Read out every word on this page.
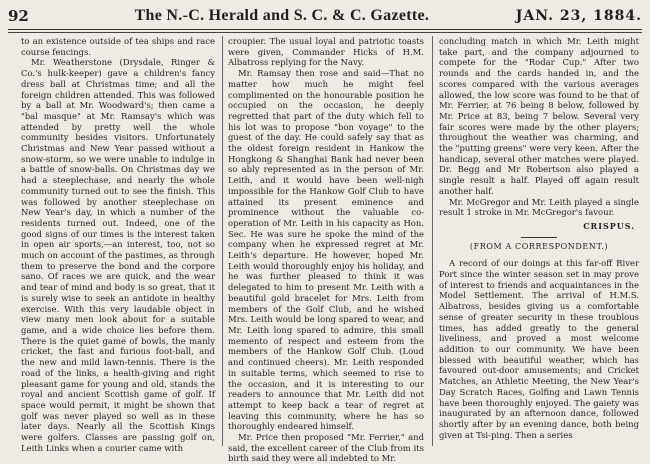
92	The N.-C. Herald and S. C. & C. Gazette.	JAN. 23, 1884.

to an existence outside of tea ships and race course fencings.

Mr. Weatherstone (Drysdale, Ringer & Co.'s hulk-keeper) gave a children's fancy dress ball at Christmas time; and all the foreign children attended. This was followed by a ball at Mr. Woodward's; then came a "bal masque" at Mr. Ramsay's which was attended by pretty well the whole community besides visitors. Unfortunately Christmas and New Year passed without a snow-storm, so we were unable to indulge in a battle of snow-balls. On Christmas day we had a steeplechase, and nearly the whole community turned out to see the finish. This was followed by another steeplechase on New Year's day, in which a number of the residents turned out. Indeed, one of the good signs of our times is the interest taken in open air sports,—an interest, too, not so much on account of the pastimes, as through them to preserve the bond and the corpore sano. Of races we are quick, and the wear and tear of mind and body is so great, that it is surely wise to seek an antidote in healthy exercise. With this very laudable object in view many men look about for a suitable game, and a wide choice lies before them. There is the quiet game of bowls, the manly cricket, the fast and furious foot-ball, and the new and mild lawn-tennis. There is the road of the links, a health-giving and right pleasant game for young and old, stands the royal and ancient Scottish game of golf. If space would permit, it might be shown that golf was never played so well as in these later days. Nearly all the Scottish Kings were golfers. Classes are passing golf on, Leith Links when a courier came with

croupier. The usual loyal and patriotic toasts were given, Commander Hicks of H.M. Albatross replying for the Navy.

Mr. Ramsay then rose and said—That no matter how much he might feel complimented on the honourable position he occupied on the occasion, he deeply regretted that part of the duty which fell to his lot was to propose "bon voyage" to the guest of the day. He could safely say that as the oldest foreign resident in Hankow the Hongkong & Shanghai Bank had never been so ably represented as in the person of Mr. Leith, and it would have been well-nigh impossible for the Hankow Golf Club to have attained its present eminence and prominence without the valuable co-operation of Mr. Leith in his capacity as Hon. Sec. He was sure he spoke the mind of the company when he expressed regret at Mr. Leith's departure. He however, hoped Mr. Leith would thoroughly enjoy his holiday, and he was further pleased to think it was delegated to him to present Mr. Leith with a beautiful gold bracelet for Mrs. Leith from members of the Golf Club, and he wished Mrs. Leith would be long spared to wear, and Mr. Leith long spared to admire, this small memento of respect and esteem from the members of the Hankow Golf Club. (Loud and continued cheers). Mr. Leith responded in suitable terms, which seemed to rise to the occasion, and it is interesting to our readers to announce that Mr. Leith did not attempt to keep back a tear of regret at leaving this community, where he has so thoroughly endeared himself.

Mr. Price then proposed "Mr. Ferrier," and said, the excellent career of the Club from its birth said they were all indebted to Mr.

concluding match in which Mr. Leith might take part, and the company adjourned to compete for the "Rodar Cup." After two rounds and the cards handed in, and the scores compared with the various averages allowed, the low score was found to be that of Mr. Ferrier, at 76 being 8 below, followed by Mr. Price at 83, being 7 below. Several very fair scores were made by the other players; throughout the weather was charming, and the "putting greens" were very keen. After the handicap, several other matches were played. Dr. Begg and Mr Robertson also played a single result a half. Played off again result another half.

Mr. McGregor and Mr. Leith played a single result 1 stroke in Mr. McGregor's favour.

CRISPUS.

(FROM A CORRESPONDENT.)

A record of our doings at this far-off River Port since the winter season set in may prove of interest to friends and acquaintances in the Model Settlement. The arrival of H.M.S. Albatross, besides giving us a comfortable sense of greater security in these troublous times, has added greatly to the general liveliness, and proved a most welcome addition to our community. We have been blessed with beautiful weather, which has favoured out-door amusements; and Cricket Matches, an Athletic Meeting, the New Year's Day Scratch Races, Golfing and Lawn Tennis have been thoroughly enjoyed. The gaiety was inaugurated by an afternoon dance, followed shortly after by an evening dance, both being given at Tsi-ping. Then a series
